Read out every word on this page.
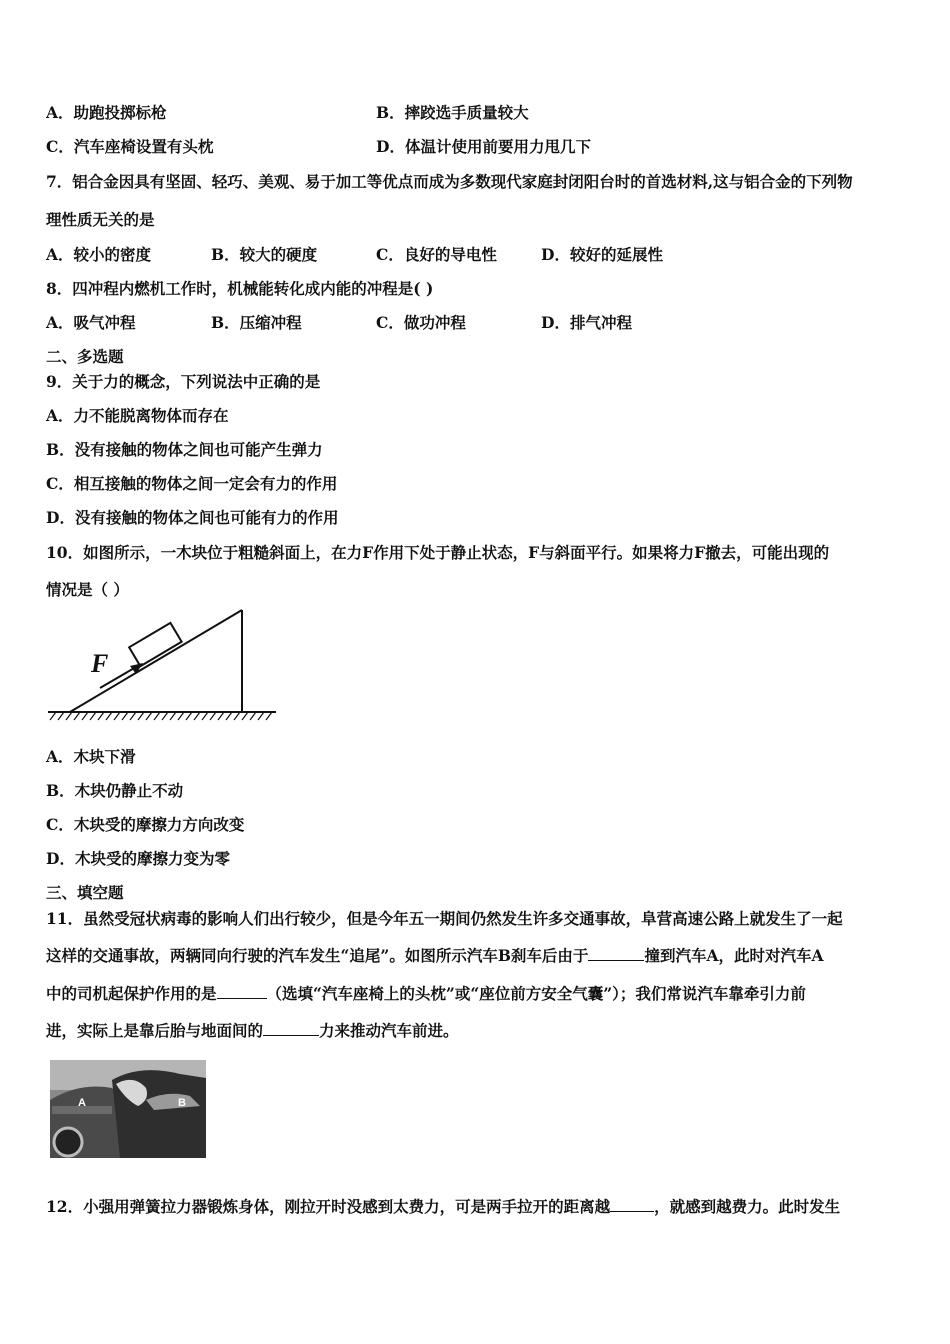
A．助跑投掷标枪	B．摔跤选手质量较大
C．汽车座椅设置有头枕	D．体温计使用前要用力甩几下
7．铝合金因具有坚固、轻巧、美观、易于加工等优点而成为多数现代家庭封闭阳台时的首选材料,这与铝合金的下列物
理性质无关的是
A．较小的密度	B．较大的硬度	C．良好的导电性	D．较好的延展性
8．四冲程内燃机工作时，机械能转化成内能的冲程是( )
A．吸气冲程	B．压缩冲程	C．做功冲程	D．排气冲程
二、多选题
9．关于力的概念，下列说法中正确的是
A．力不能脱离物体而存在
B．没有接触的物体之间也可能产生弹力
C．相互接触的物体之间一定会有力的作用
D．没有接触的物体之间也可能有力的作用
10．如图所示，一木块位于粗糙斜面上，在力F作用下处于静止状态，F与斜面平行。如果将力F撤去，可能出现的
情况是（ ）
F
A．木块下滑
B．木块仍静止不动
C．木块受的摩擦力方向改变
D．木块受的摩擦力变为零
三、填空题
11．虽然受冠状病毒的影响人们出行较少，但是今年五一期间仍然发生许多交通事故，阜营高速公路上就发生了一起
这样的交通事故，两辆同向行驶的汽车发生“追尾”。如图所示汽车B刹车后由于	撞到汽车A，此时对汽车A
中的司机起保护作用的是	（选填“汽车座椅上的头枕”或“座位前方安全气囊”）；我们常说汽车靠牵引力前
进，实际上是靠后胎与地面间的	力来推动汽车前进。
A	B
12．小强用弹簧拉力器锻炼身体，刚拉开时没感到太费力，可是两手拉开的距离越	，就感到越费力。此时发生
